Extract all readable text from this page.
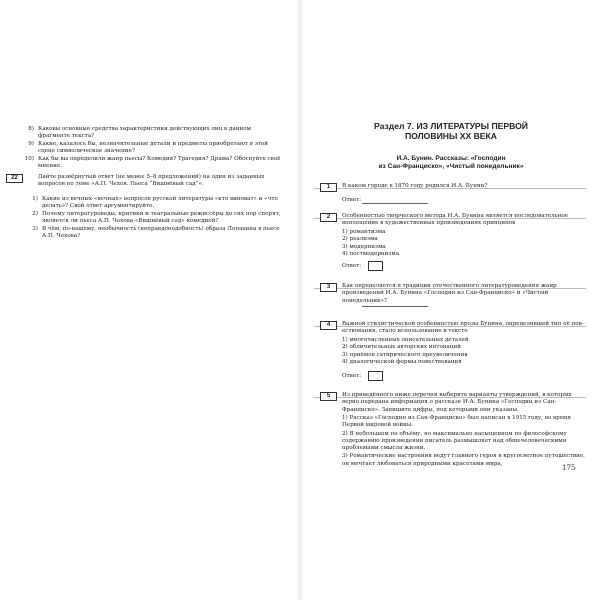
8) Каковы основные средства характеристики действующих лиц в данном фрагменте текста?
9) Какие, казалось бы, незначительные детали и предметы приобретают в этой сцене символическое значение?
10) Как бы вы определили жанр пьесы? Комедия? Трагедия? Драма? Обоснуйте своё мнение.
22	Дайте развёрнутый ответ (не менее 5–8 предложений) на один из заданных вопросов по теме «А.П. Чехов. Пьеса “Вишнёвый сад”».
1) Какие из вечных «вечных» вопросов русской литературы «кто виноват» и «что делать»? Свой ответ аргументируйте.
2) Почему литературоведы, критики и театральные режиссёры до сих пор спорят, является ли пьеса А.П. Чехова «Вишнёвый сад» комедией?
3) В чём, по-вашему, необычность (неправдоподобность) образа Лопахина в пьесе А.П. Чехова?
Раздел 7. ИЗ ЛИТЕРАТУРЫ ПЕРВОЙ
ПОЛОВИНЫ XX ВЕКА
И.А. Бунин. Рассказы: «Господин
из Сан-Франциско», «Чистый понедельник»
1	В каком городе в 1870 году родился И.А. Бунин?
Ответ:
2	Особенностью творческого метода И.А. Бунина является последовательное воплощение в художественных произведениях принципов
1) романтизма
2) реализма
3) модернизма
4) постмодернизма
Ответ:
3	Как определяется в традиции отечественного литературоведения жанр произведений И.А. Бунина «Господин из Сан-Франциско» и «Чистый понедельник»?
4	Важной стилистической особенностью прозы Бунина, определившей тип её повествования, стало использование в тексте
1) многочисленных описательных деталей
2) обличительных авторских интонаций
3) приёмов сатирического преувеличения
4) диалогической формы повествования
Ответ:
5	Из приведённого ниже перечня выберите варианты утверждений, в которых верно передана информация о рассказе И.А. Бунина «Господин из Сан-Франциско». Запишите цифры, под которыми они указаны.
1) Рассказ «Господин из Сан-Франциско» был написан в 1915 году, во время Первой мировой войны.
2) В небольшом по объёму, но максимально насыщенном по философскому содержанию произведении писатель размышляет над общечеловеческими проблемами смысла жизни.
3) Романтические настроения ведут главного героя в кругосветное путешествие, он мечтает любоваться природными красотами мира,
175
